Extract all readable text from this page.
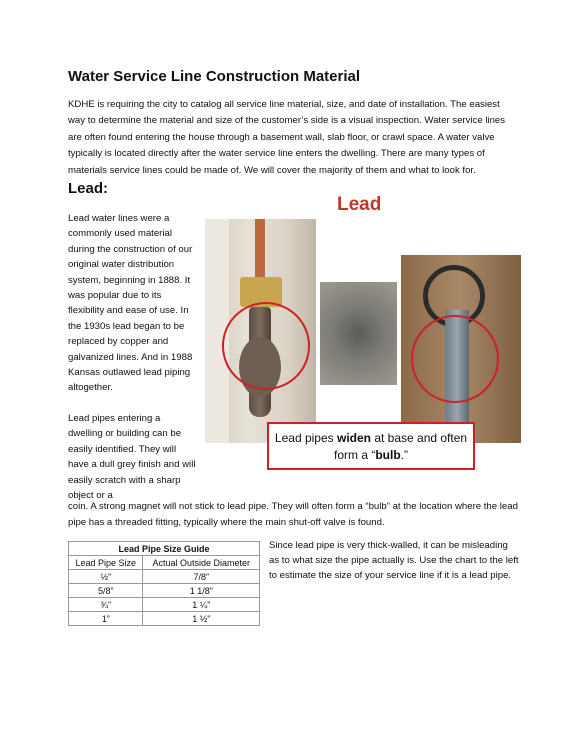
Water Service Line Construction Material
KDHE is requiring the city to catalog all service line material, size, and date of installation. The easiest way to determine the material and size of the customer’s side is a visual inspection. Water service lines are often found entering the house through a basement wall, slab floor, or crawl space. A water valve typically is located directly after the water service line enters the dwelling. There are many types of materials service lines could be made of. We will cover the majority of them and what to look for.
Lead:
Lead water lines were a commonly used material during the construction of our original water distribution system, beginning in 1888. It was popular due to its flexibility and ease of use. In the 1930s lead began to be replaced by copper and galvanized lines. And in 1988 Kansas outlawed lead piping altogether.
Lead pipes entering a dwelling or building can be easily identified. They will have a dull grey finish and will easily scratch with a sharp object or a
coin. A strong magnet will not stick to lead pipe. They will often form a “bulb” at the location where the lead pipe has a threaded fitting, typically where the main shut-off valve is found.
Lead
Lead pipes widen at base and often form a “bulb.”
Lead Pipe Size Guide	
Lead Pipe Size	Actual Outside Diameter
½”	7/8”
5/8”	1 1/8”
¾”	1 ¼”
1”	1 ½”
Since lead pipe is very thick-walled, it can be misleading as to what size the pipe actually is. Use the chart to the left to estimate the size of your service line if it is a lead pipe.
